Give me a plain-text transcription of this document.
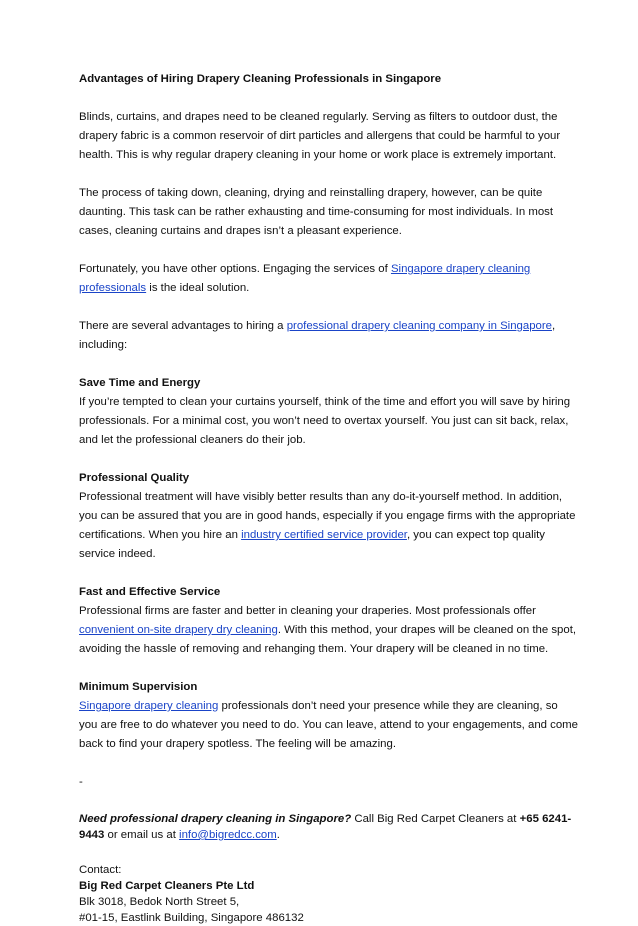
Advantages of Hiring Drapery Cleaning Professionals in Singapore

Blinds, curtains, and drapes need to be cleaned regularly. Serving as filters to outdoor dust, the drapery fabric is a common reservoir of dirt particles and allergens that could be harmful to your health. This is why regular drapery cleaning in your home or work place is extremely important.

The process of taking down, cleaning, drying and reinstalling drapery, however, can be quite daunting. This task can be rather exhausting and time-consuming for most individuals. In most cases, cleaning curtains and drapes isn’t a pleasant experience.

Fortunately, you have other options. Engaging the services of Singapore drapery cleaning professionals is the ideal solution.

There are several advantages to hiring a professional drapery cleaning company in Singapore, including:

Save Time and Energy

If you’re tempted to clean your curtains yourself, think of the time and effort you will save by hiring professionals. For a minimal cost, you won’t need to overtax yourself. You just can sit back, relax, and let the professional cleaners do their job.

Professional Quality

Professional treatment will have visibly better results than any do-it-yourself method. In addition, you can be assured that you are in good hands, especially if you engage firms with the appropriate certifications. When you hire an industry certified service provider, you can expect top quality service indeed.

Fast and Effective Service

Professional firms are faster and better in cleaning your draperies. Most professionals offer convenient on-site drapery dry cleaning. With this method, your drapes will be cleaned on the spot, avoiding the hassle of removing and rehanging them. Your drapery will be cleaned in no time.

Minimum Supervision

Singapore drapery cleaning professionals don’t need your presence while they are cleaning, so you are free to do whatever you need to do. You can leave, attend to your engagements, and come back to find your drapery spotless. The feeling will be amazing.

-

Need professional drapery cleaning in Singapore? Call Big Red Carpet Cleaners at +65 6241-9443 or email us at info@bigredcc.com.

Contact:

Big Red Carpet Cleaners Pte Ltd

Blk 3018, Bedok North Street 5,

#01-15, Eastlink Building, Singapore 486132
